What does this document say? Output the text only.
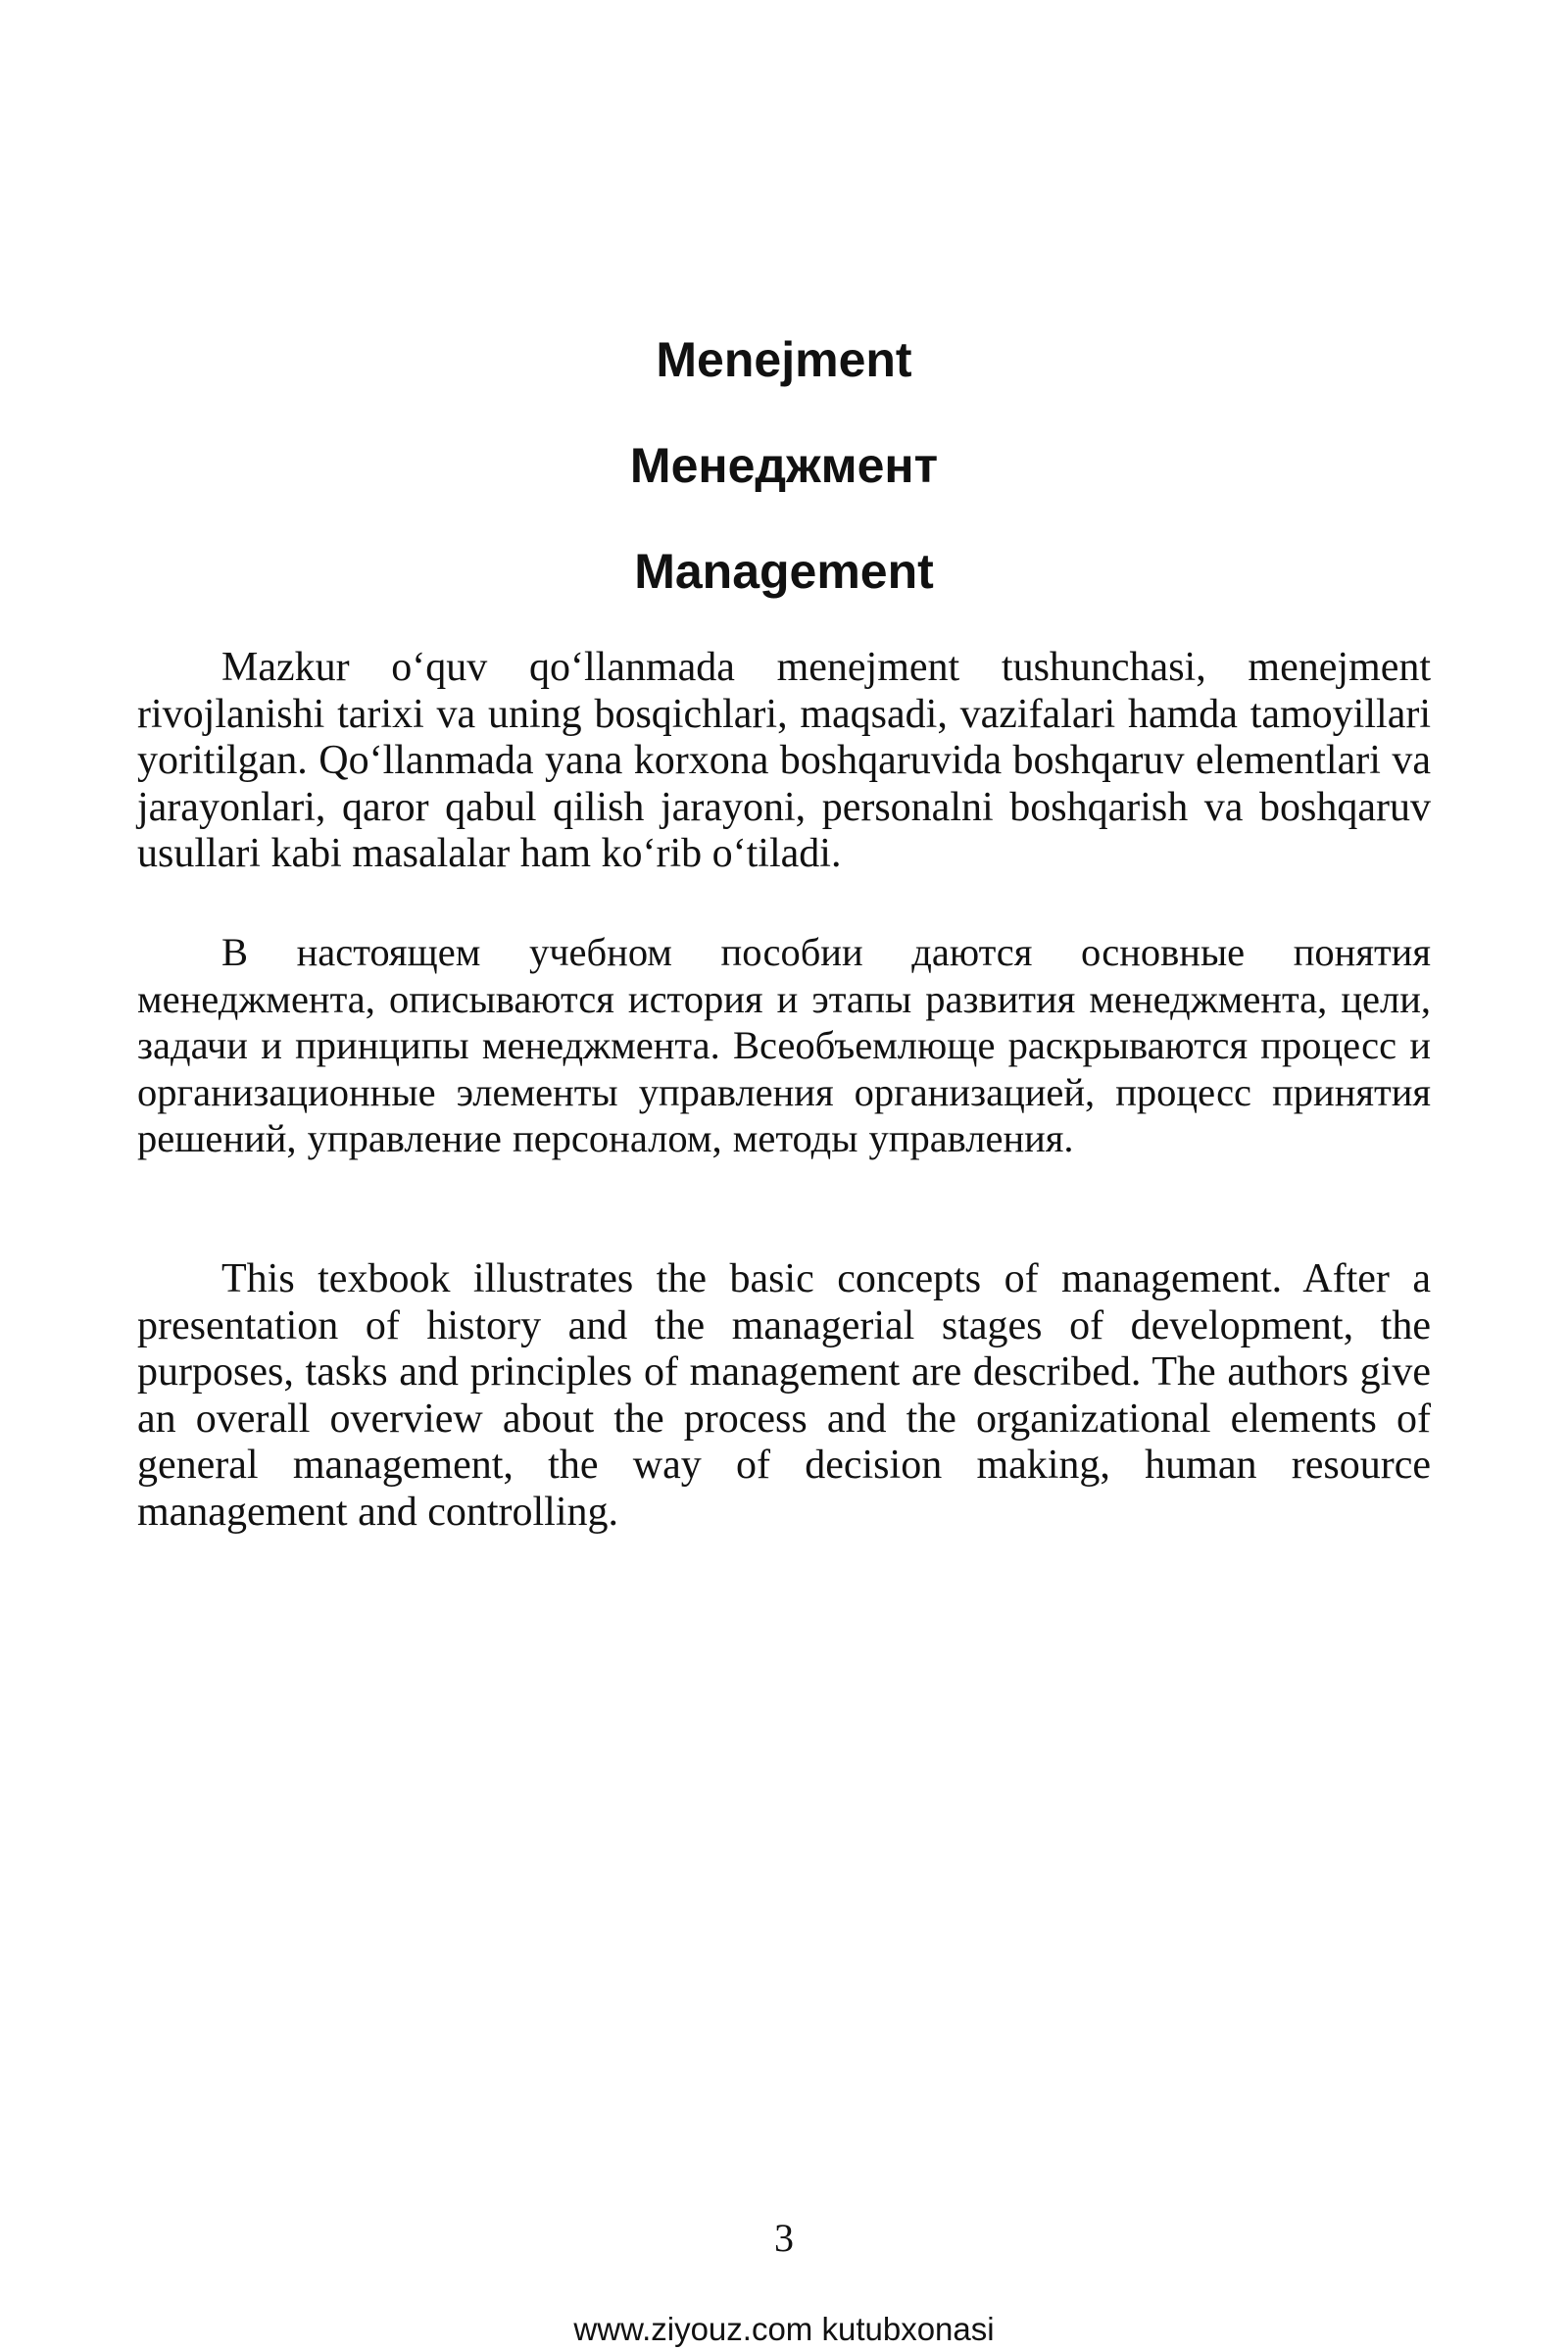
Menejment
Менеджмент
Management

Mazkur o‘quv qo‘llanmada menejment tushunchasi, menejment rivojlanishi tarixi va uning bosqichlari, maqsadi, vazifalari hamda tamoyillari yoritilgan. Qo‘llanmada yana korxona boshqaruvida boshqaruv elementlari va jarayonlari, qaror qabul qilish jarayoni, personalni boshqarish va boshqaruv usullari kabi masalalar ham ko‘rib o‘tiladi.

В настоящем учебном пособии даются основные понятия менеджмента, описываются история и этапы развития менеджмента, цели, задачи и принципы менеджмента. Всеобъемлюще раскрываются процесс и организационные элементы управления организацией, процесс принятия решений, управление персоналом, методы управления.

This texbook illustrates the basic concepts of management. After a presentation of history and the managerial stages of development, the purposes, tasks and principles of management are described. The authors give an overall overview about the process and the organizational elements of general management, the way of decision making, human resource management and controlling.

3

www.ziyouz.com kutubxonasi
